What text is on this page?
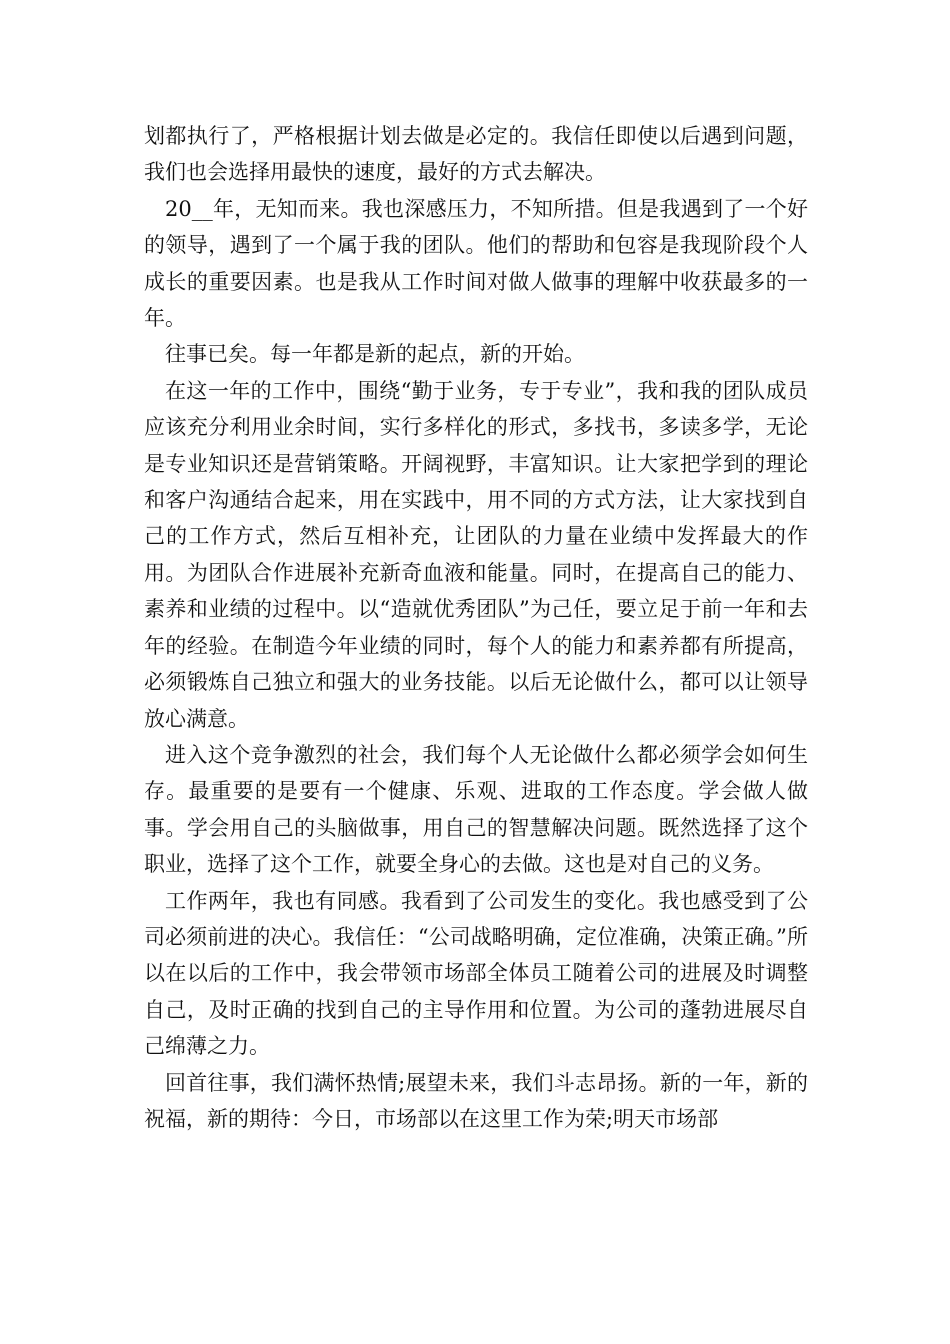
划都执行了，严格根据计划去做是必定的。我信任即使以后遇到问题，我们也会选择用最快的速度，最好的方式去解决。

20__年，无知而来。我也深感压力，不知所措。但是我遇到了一个好的领导，遇到了一个属于我的团队。他们的帮助和包容是我现阶段个人成长的重要因素。也是我从工作时间对做人做事的理解中收获最多的一年。

往事已矣。每一年都是新的起点，新的开始。

在这一年的工作中，围绕“勤于业务，专于专业”，我和我的团队成员应该充分利用业余时间，实行多样化的形式，多找书，多读多学，无论是专业知识还是营销策略。开阔视野，丰富知识。让大家把学到的理论和客户沟通结合起来，用在实践中，用不同的方式方法，让大家找到自己的工作方式，然后互相补充，让团队的力量在业绩中发挥最大的作用。为团队合作进展补充新奇血液和能量。同时，在提高自己的能力、素养和业绩的过程中。以“造就优秀团队”为己任，要立足于前一年和去年的经验。在制造今年业绩的同时，每个人的能力和素养都有所提高，必须锻炼自己独立和强大的业务技能。以后无论做什么，都可以让领导放心满意。

进入这个竞争激烈的社会，我们每个人无论做什么都必须学会如何生存。最重要的是要有一个健康、乐观、进取的工作态度。学会做人做事。学会用自己的头脑做事，用自己的智慧解决问题。既然选择了这个职业，选择了这个工作，就要全身心的去做。这也是对自己的义务。

工作两年，我也有同感。我看到了公司发生的变化。我也感受到了公司必须前进的决心。我信任：“公司战略明确，定位准确，决策正确。”所以在以后的工作中，我会带领市场部全体员工随着公司的进展及时调整自己，及时正确的找到自己的主导作用和位置。为公司的蓬勃进展尽自己绵薄之力。

回首往事，我们满怀热情;展望未来，我们斗志昂扬。新的一年，新的祝福，新的期待：今日，市场部以在这里工作为荣;明天市场部
